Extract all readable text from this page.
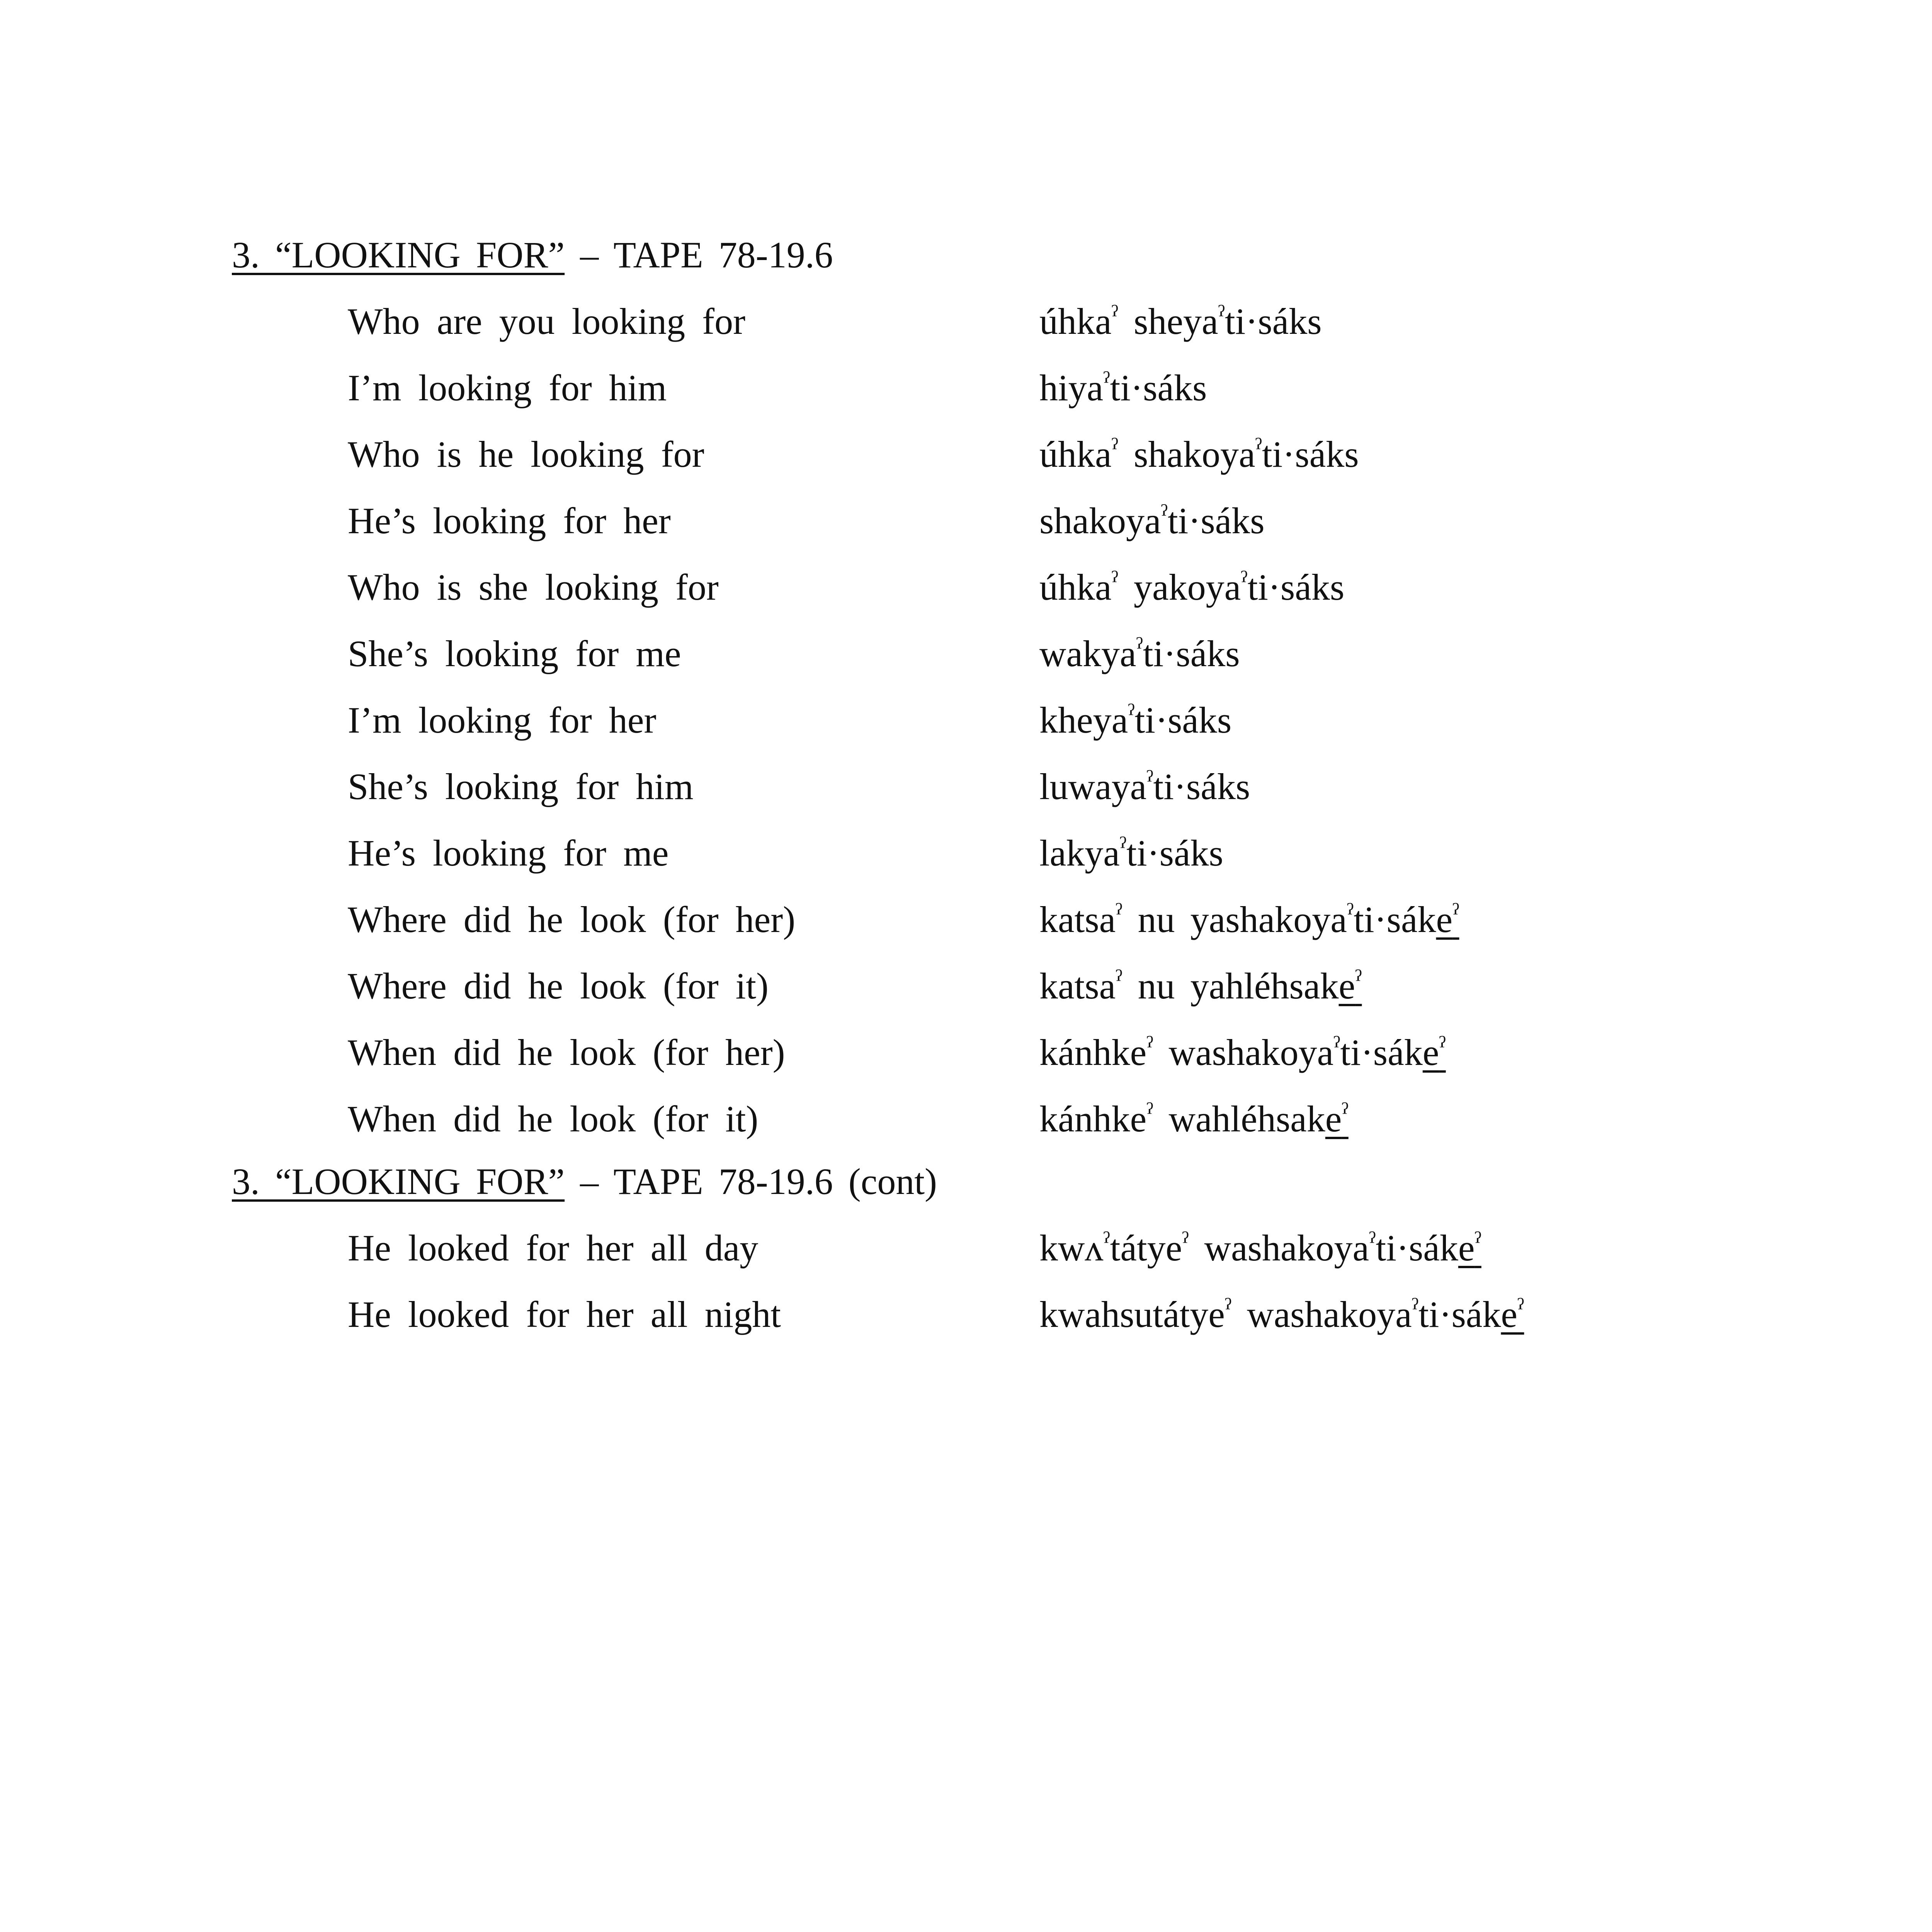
3. “LOOKING FOR” – TAPE 78-19.6
Who are you looking for	úhka$^ˀ$ sheya$^ˀ$ti·sáks
I’m looking for him	hiya$^ˀ$ti·sáks
Who is he looking for	úhka$^ˀ$ shakoya$^ˀ$ti·sáks
He’s looking for her	shakoya$^ˀ$ti·sáks
Who is she looking for	úhka$^ˀ$ yakoya$^ˀ$ti·sáks
She’s looking for me	wakya$^ˀ$ti·sáks
I’m looking for her	kheya$^ˀ$ti·sáks
She’s looking for him	luwaya$^ˀ$ti·sáks
He’s looking for me	lakya$^ˀ$ti·sáks
Where did he look (for her)	katsa$^ˀ$ nu yashakoya$^ˀ$ti·sáke$^ˀ$
Where did he look (for it)	katsa$^ˀ$ nu yahléhsake$^ˀ$
When did he look (for her)	kánhke$^ˀ$ washakoya$^ˀ$ti·sáke$^ˀ$
When did he look (for it)	kánhke$^ˀ$ wahléhsake$^ˀ$
3. “LOOKING FOR” – TAPE 78-19.6 (cont)
He looked for her all day	kwʌ$^ˀ$tátye$^ˀ$ washakoya$^ˀ$ti·sáke$^ˀ$
He looked for her all night	kwahsutátye$^ˀ$ washakoya$^ˀ$ti·sáke$^ˀ$
